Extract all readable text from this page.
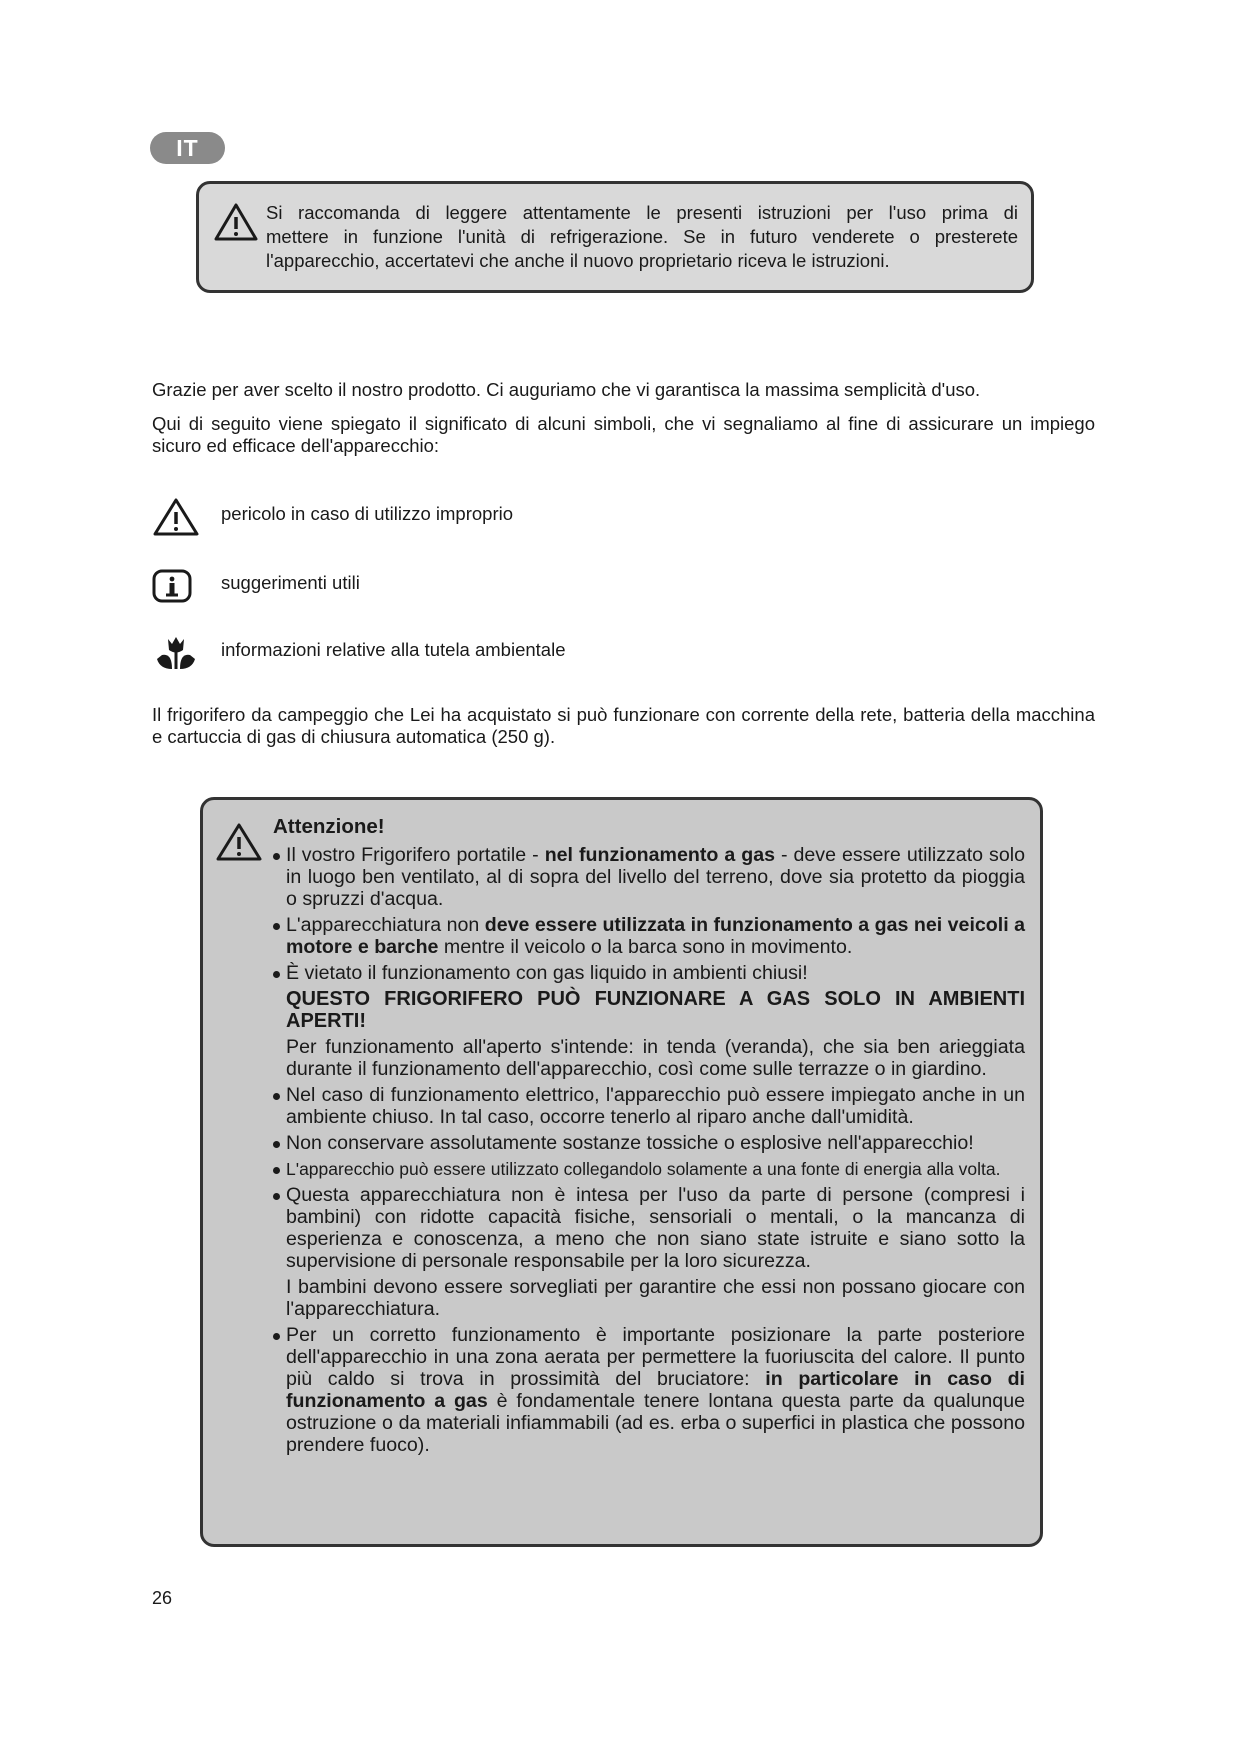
IT
Si raccomanda di leggere attentamente le presenti istruzioni per l'uso prima di
mettere in funzione l'unità di refrigerazione. Se in futuro venderete o presterete
l'apparecchio, accertatevi che anche il nuovo proprietario riceva le istruzioni.
Grazie per aver scelto il nostro prodotto. Ci auguriamo che vi garantisca la massima semplicità d'uso.
Qui di seguito viene spiegato il significato di alcuni simboli, che vi segnaliamo al fine di assicurare un impiego sicuro ed efficace dell'apparecchio:
pericolo in caso di utilizzo improprio
suggerimenti utili
informazioni relative alla tutela ambientale
Il frigorifero da campeggio che Lei ha acquistato si può funzionare con corrente della rete, batteria della macchina e cartuccia di gas di chiusura automatica (250 g).
Attenzione!
Il vostro Frigorifero portatile - nel funzionamento a gas - deve essere utilizzato solo in luogo ben ventilato, al di sopra del livello del terreno, dove sia protetto da pioggia o spruzzi d'acqua.
L'apparecchiatura non deve essere utilizzata in funzionamento a gas nei veicoli a motore e barche mentre il veicolo o la barca sono in movimento.
È vietato il funzionamento con gas liquido in ambienti chiusi!
QUESTO FRIGORIFERO PUÒ FUNZIONARE A GAS SOLO IN AMBIENTI APERTI!
Per funzionamento all'aperto s'intende: in tenda (veranda), che sia ben arieggiata durante il funzionamento dell'apparecchio, così come sulle terrazze o in giardino.
Nel caso di funzionamento elettrico, l'apparecchio può essere impiegato anche in un ambiente chiuso. In tal caso, occorre tenerlo al riparo anche dall'umidità.
Non conservare assolutamente sostanze tossiche o esplosive nell'apparecchio!
L'apparecchio può essere utilizzato collegandolo solamente a una fonte di energia alla volta.
Questa apparecchiatura non è intesa per l'uso da parte di persone (compresi i bambini) con ridotte capacità fisiche, sensoriali o mentali, o la mancanza di esperienza e conoscenza, a meno che non siano state istruite e siano sotto la supervisione di personale responsabile per la loro sicurezza.
I bambini devono essere sorvegliati per garantire che essi non possano giocare con l'apparecchiatura.
Per un corretto funzionamento è importante posizionare la parte posteriore dell'apparecchio in una zona aerata per permettere la fuoriuscita del calore. Il punto più caldo si trova in prossimità del bruciatore: in particolare in caso di funzionamento a gas è fondamentale tenere lontana questa parte da qualunque ostruzione o da materiali infiammabili (ad es. erba o superfici in plastica che possono prendere fuoco).
26
